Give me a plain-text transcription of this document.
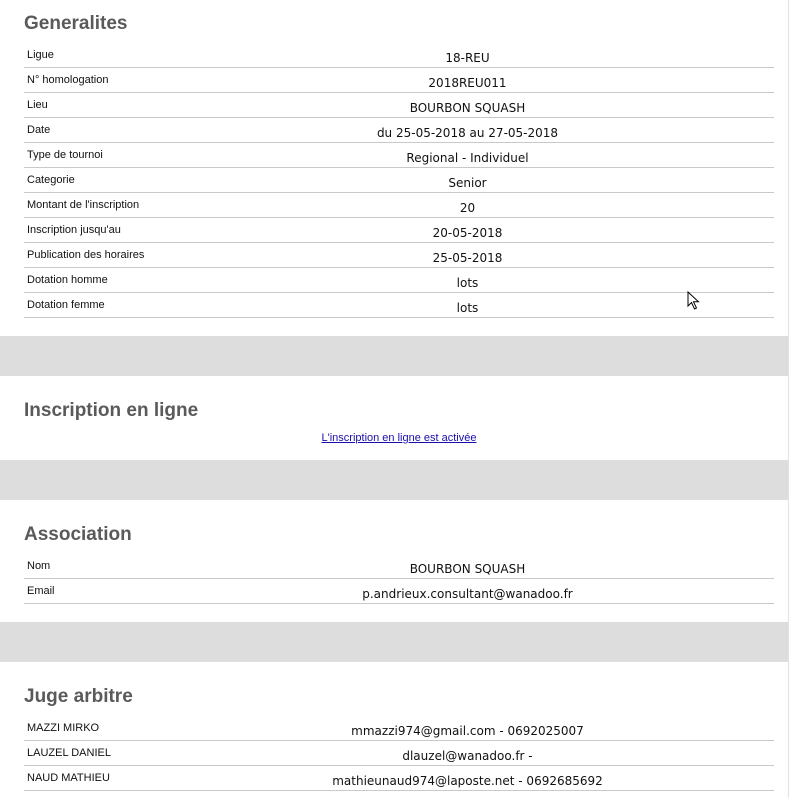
Generalites
Ligue	18-REU
N° homologation	2018REU011
Lieu	BOURBON SQUASH
Date	du 25-05-2018 au 27-05-2018
Type de tournoi	Regional - Individuel
Categorie	Senior
Montant de l'inscription	20
Inscription jusqu'au	20-05-2018
Publication des horaires	25-05-2018
Dotation homme	lots
Dotation femme	lots
Inscription en ligne
L'inscription en ligne est activée
Association
Nom	BOURBON SQUASH
Email	p.andrieux.consultant@wanadoo.fr
Juge arbitre
MAZZI MIRKO	mmazzi974@gmail.com - 0692025007
LAUZEL DANIEL	dlauzel@wanadoo.fr -
NAUD MATHIEU	mathieunaud974@laposte.net - 0692685692
